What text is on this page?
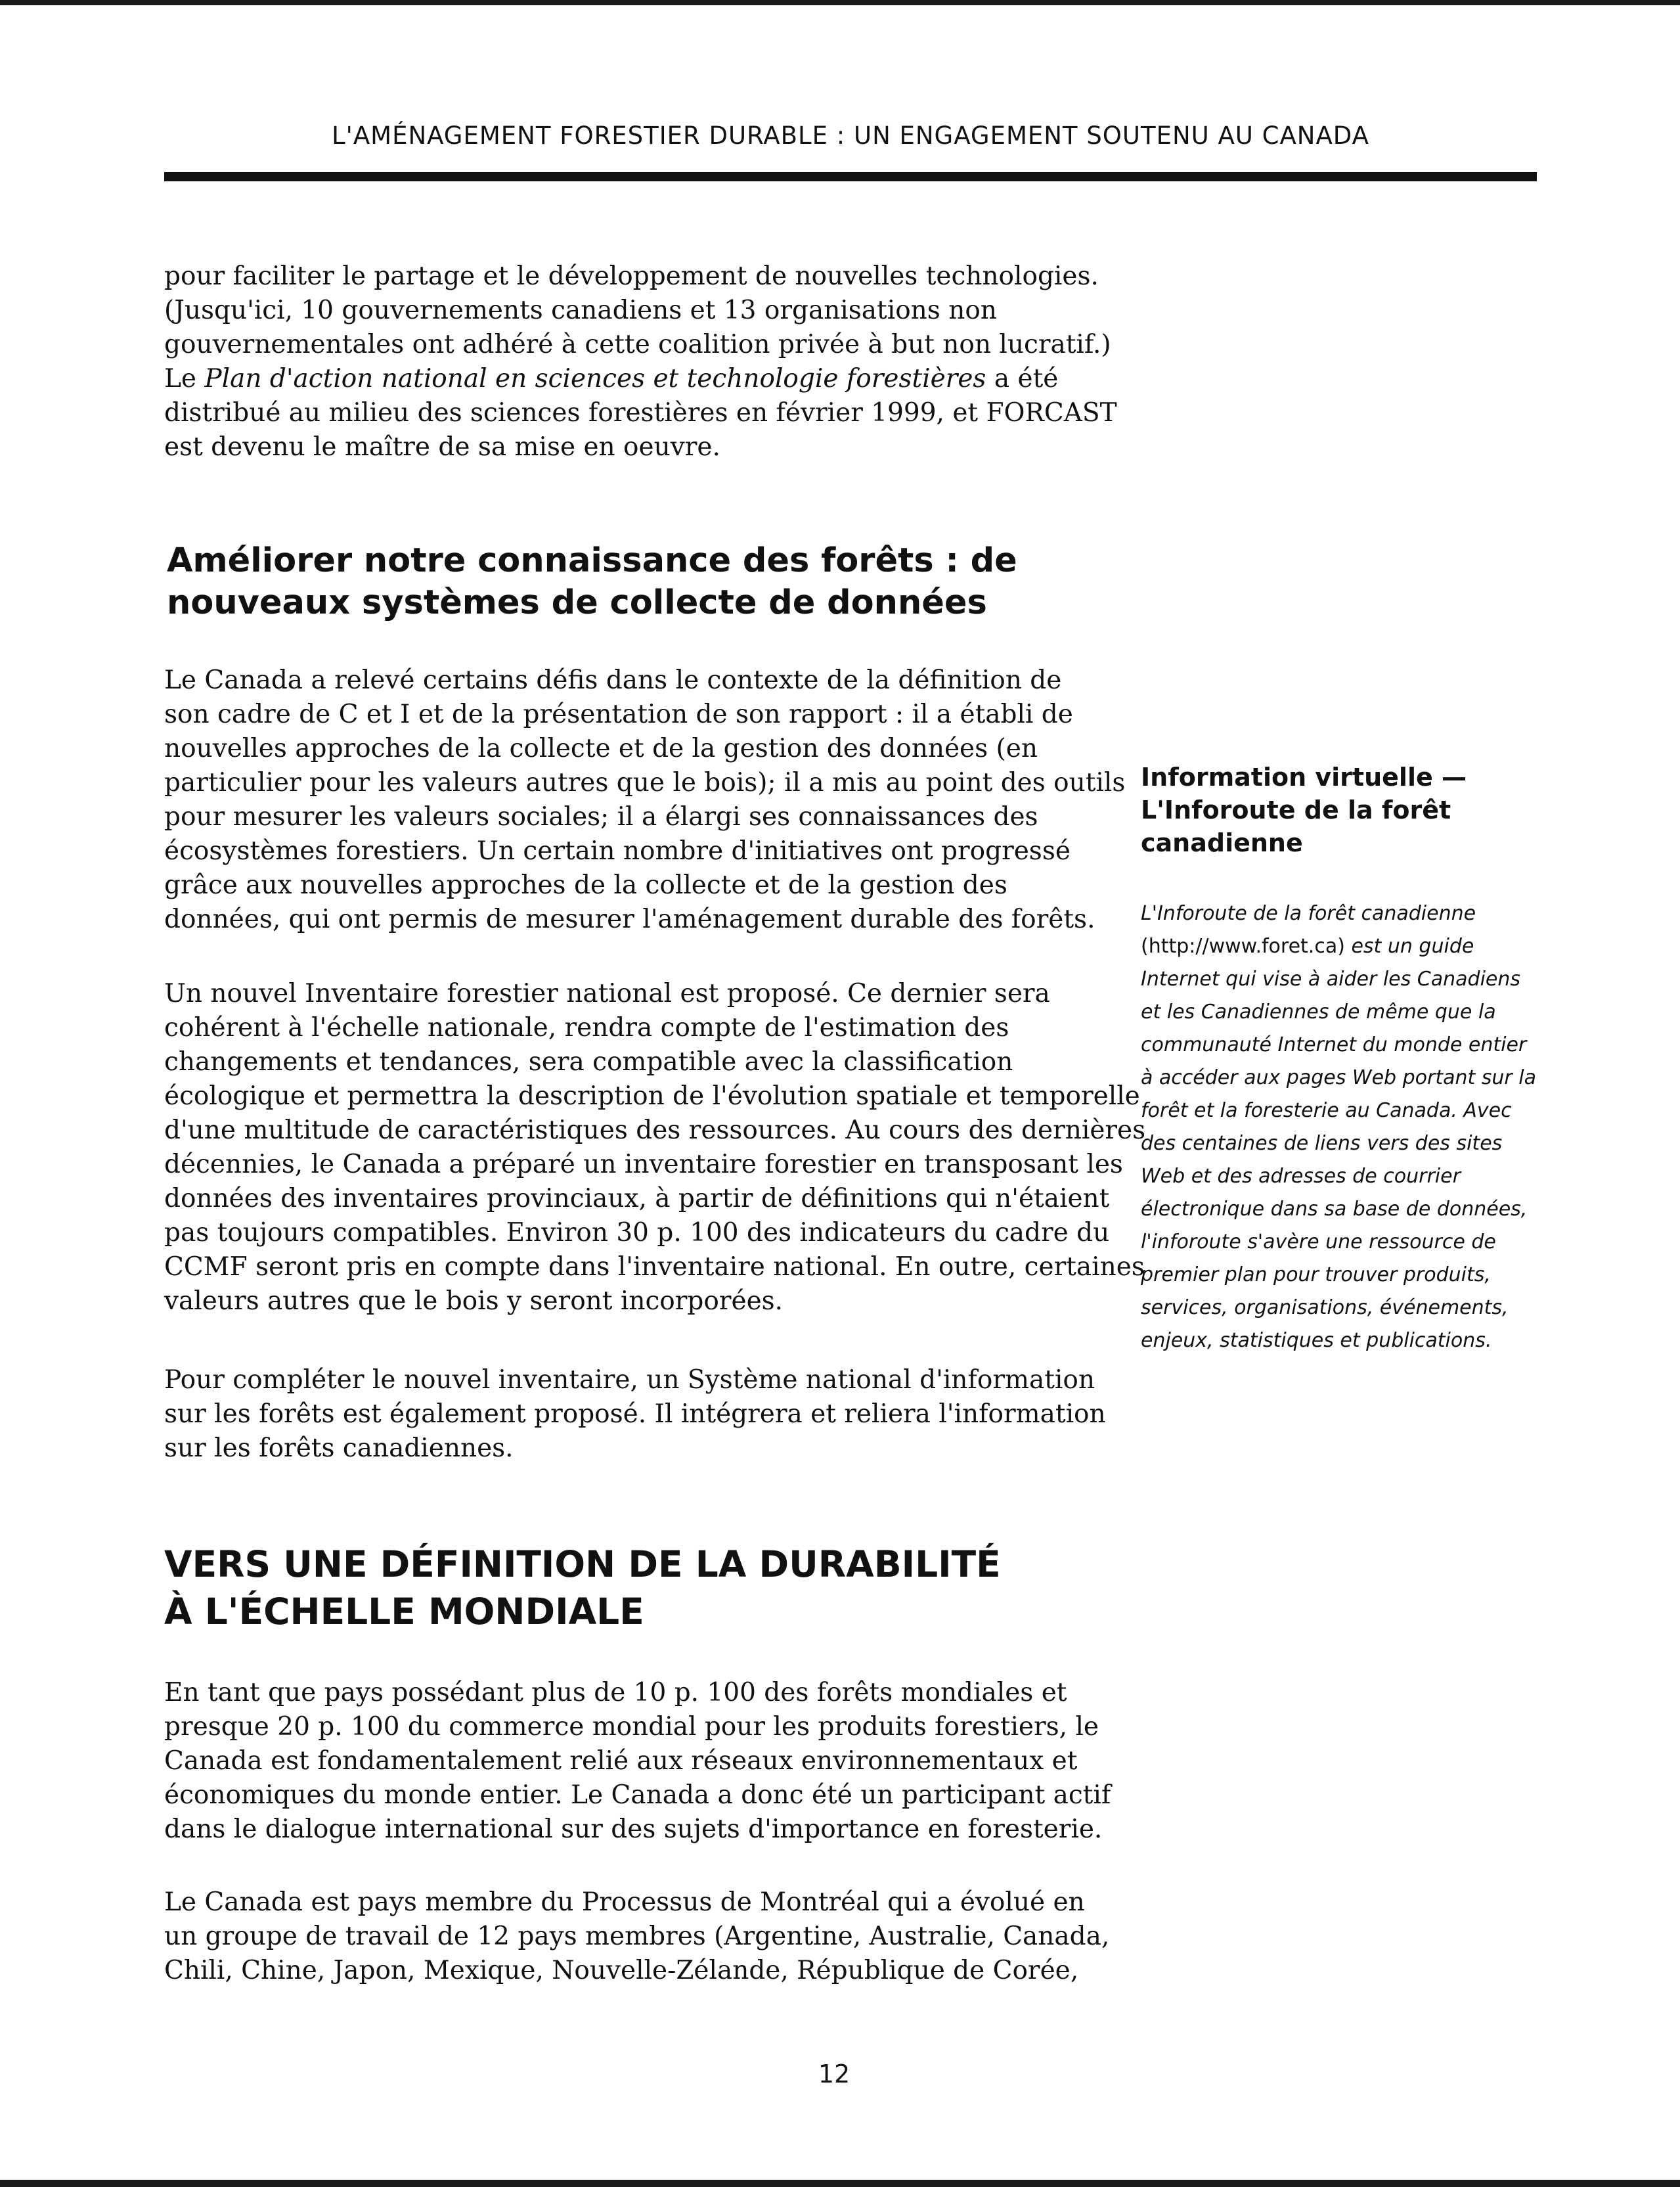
L'AMÉNAGEMENT FORESTIER DURABLE : UN ENGAGEMENT SOUTENU AU CANADA
pour faciliter le partage et le développement de nouvelles technologies.
(Jusqu'ici, 10 gouvernements canadiens et 13 organisations non
gouvernementales ont adhéré à cette coalition privée à but non lucratif.)
Le Plan d'action national en sciences et technologie forestières a été
distribué au milieu des sciences forestières en février 1999, et FORCAST
est devenu le maître de sa mise en oeuvre.
Améliorer notre connaissance des forêts : de
nouveaux systèmes de collecte de données
Le Canada a relevé certains défis dans le contexte de la définition de
son cadre de C et I et de la présentation de son rapport : il a établi de
nouvelles approches de la collecte et de la gestion des données (en
particulier pour les valeurs autres que le bois); il a mis au point des outils
pour mesurer les valeurs sociales; il a élargi ses connaissances des
écosystèmes forestiers. Un certain nombre d'initiatives ont progressé
grâce aux nouvelles approches de la collecte et de la gestion des
données, qui ont permis de mesurer l'aménagement durable des forêts.
Un nouvel Inventaire forestier national est proposé. Ce dernier sera
cohérent à l'échelle nationale, rendra compte de l'estimation des
changements et tendances, sera compatible avec la classification
écologique et permettra la description de l'évolution spatiale et temporelle
d'une multitude de caractéristiques des ressources. Au cours des dernières
décennies, le Canada a préparé un inventaire forestier en transposant les
données des inventaires provinciaux, à partir de définitions qui n'étaient
pas toujours compatibles. Environ 30 p. 100 des indicateurs du cadre du
CCMF seront pris en compte dans l'inventaire national. En outre, certaines
valeurs autres que le bois y seront incorporées.
Pour compléter le nouvel inventaire, un Système national d'information
sur les forêts est également proposé. Il intégrera et reliera l'information
sur les forêts canadiennes.
VERS UNE DÉFINITION DE LA DURABILITÉ
À L'ÉCHELLE MONDIALE
En tant que pays possédant plus de 10 p. 100 des forêts mondiales et
presque 20 p. 100 du commerce mondial pour les produits forestiers, le
Canada est fondamentalement relié aux réseaux environnementaux et
économiques du monde entier. Le Canada a donc été un participant actif
dans le dialogue international sur des sujets d'importance en foresterie.
Le Canada est pays membre du Processus de Montréal qui a évolué en
un groupe de travail de 12 pays membres (Argentine, Australie, Canada,
Chili, Chine, Japon, Mexique, Nouvelle-Zélande, République de Corée,
Information virtuelle —
L'Inforoute de la forêt
canadienne
L'Inforoute de la forêt canadienne
(http://www.foret.ca) est un guide
Internet qui vise à aider les Canadiens
et les Canadiennes de même que la
communauté Internet du monde entier
à accéder aux pages Web portant sur la
forêt et la foresterie au Canada. Avec
des centaines de liens vers des sites
Web et des adresses de courrier
électronique dans sa base de données,
l'inforoute s'avère une ressource de
premier plan pour trouver produits,
services, organisations, événements,
enjeux, statistiques et publications.
12
